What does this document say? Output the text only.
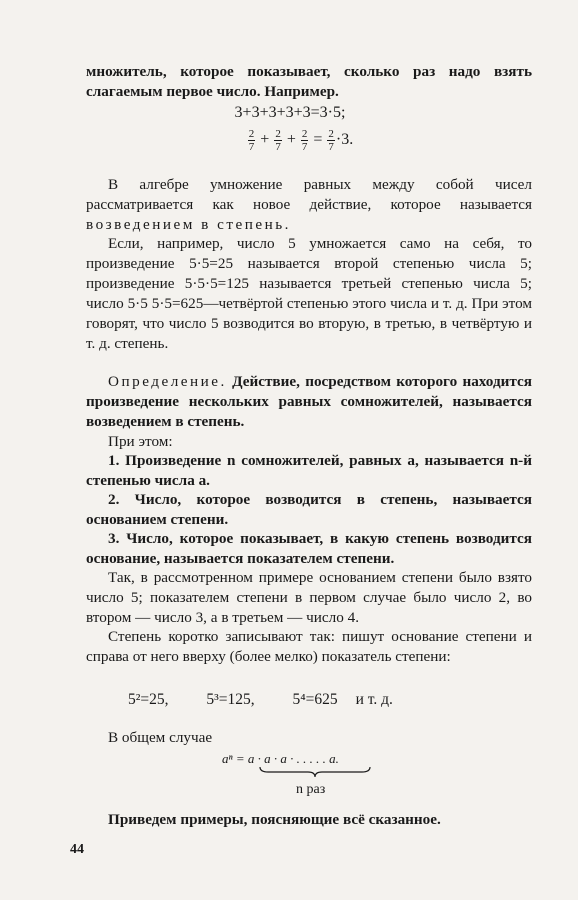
множитель, которое показывает, сколько раз надо взять слагаемым первое число. Например.

3+3+3+3+3=3·5;
$\frac{2}{7} + \frac{2}{7} + \frac{2}{7} = \frac{2}{7} \cdot 3$.

В алгебре умножение равных между собой чисел рассматривается как новое действие, которое называется возведением в степень.

Если, например, число 5 умножается само на себя, то произведение 5·5=25 называется второй степенью числа 5; произведение 5·5·5=125 называется третьей степенью числа 5; число 5·5 5·5=625—четвёртой степенью этого числа и т. д. При этом говорят, что число 5 возводится во вторую, в третью, в четвёртую и т. д. степень.

Определение. Действие, посредством которого находится произведение нескольких равных сомножителей, называется возведением в степень.

При этом:

1. Произведение n сомножителей, равных a, называется n-й степенью числа a.

2. Число, которое возводится в степень, называется основанием степени.

3. Число, которое показывает, в какую степень возводится основание, называется показателем степени.

Так, в рассмотренном примере основанием степени было взято число 5; показателем степени в первом случае было число 2, во втором — число 3, а в третьем — число 4.

Степень коротко записывают так: пишут основание степени и справа от него вверху (более мелко) показатель степени:

5²=25, 5³=125, 5⁴=625 и т. д.

В общем случае

aⁿ = a · a · a · . . . . . a.
n раз

Приведем примеры, поясняющие всё сказанное.

44
